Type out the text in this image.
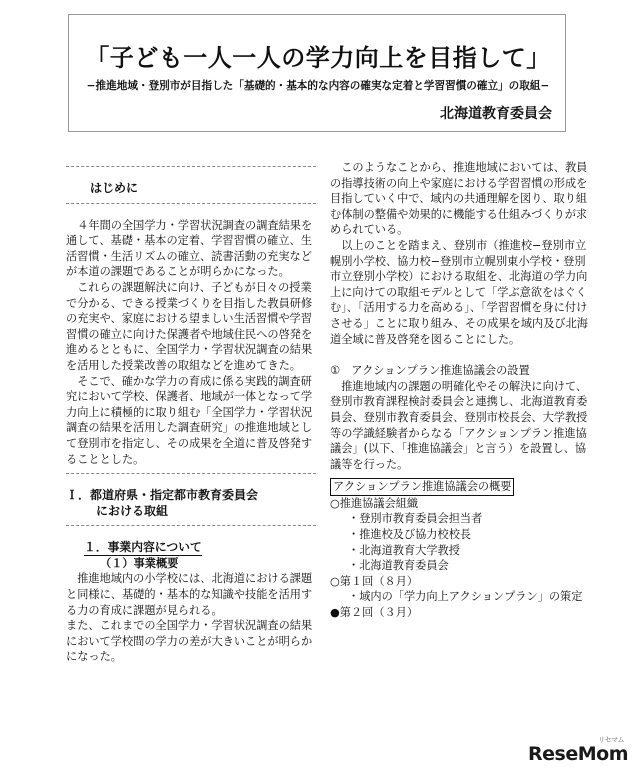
「子ども一人一人の学力向上を目指して」
−推進地域・登別市が目指した「基礎的・基本的な内容の確実な定着と学習習慣の確立」の取組−
北海道教育委員会
はじめに

４年間の全国学力・学習状況調査の調査結果を通して、基礎・基本の定着、学習習慣の確立、生活習慣・生活リズムの確立、読書活動の充実などが本道の課題であることが明らかになった。

これらの課題解決に向け、子どもが日々の授業で分かる、できる授業づくりを目指した教員研修の充実や、家庭における望ましい生活習慣や学習習慣の確立に向けた保護者や地域住民への啓発を進めるとともに、全国学力・学習状況調査の結果を活用した授業改善の取組などを進めてきた。

そこで、確かな学力の育成に係る実践的調査研究において学校、保護者、地域が一体となって学力向上に積極的に取り組む「全国学力・学習状況調査の結果を活用した調査研究」の推進地域として登別市を指定し、その成果を全道に普及啓発することとした。

Ｉ．都道府県・指定都市教育委員会
における取組
１．事業内容について
（１）事業概要

推進地域内の小学校には、北海道における課題と同様に、基礎的・基本的な知識や技能を活用する力の育成に課題が見られる。

また、これまでの全国学力・学習状況調査の結果において学校間の学力の差が大きいことが明らかになった。

このようなことから、推進地域においては、教員の指導技術の向上や家庭における学習習慣の形成を目指していく中で、域内の共通理解を図り、取り組む体制の整備や効果的に機能する仕組みづくりが求められている。

以上のことを踏まえ、登別市（推進校−登別市立幌別小学校、協力校−登別市立幌別東小学校・登別市立登別小学校）における取組を、北海道の学力向上に向けての取組モデルとして「学ぶ意欲をはぐくむ」、「活用する力を高める」、「学習習慣を身に付けさせる」ことに取り組み、その成果を域内及び北海道全域に普及啓発を図ることにした。

①　アクションプラン推進協議会の設置

推進地域内の課題の明確化やその解決に向けて、登別市教育課程検討委員会と連携し、北海道教育委員会、登別市教育委員会、登別市校長会、大学教授等の学識経験者からなる「アクションプラン推進協議会」(以下、「推進協議会」と言う）を設置し、協議等を行った。

アクションプラン推進協議会の概要
○推進協議会組織
・登別市教育委員会担当者
・推進校及び協力校校長
・北海道教育大学教授
・北海道教育委員会
○第１回（８月）
・域内の「学力向上アクションプラン」の策定
●第２回（３月）
リセマム
ReseMom
